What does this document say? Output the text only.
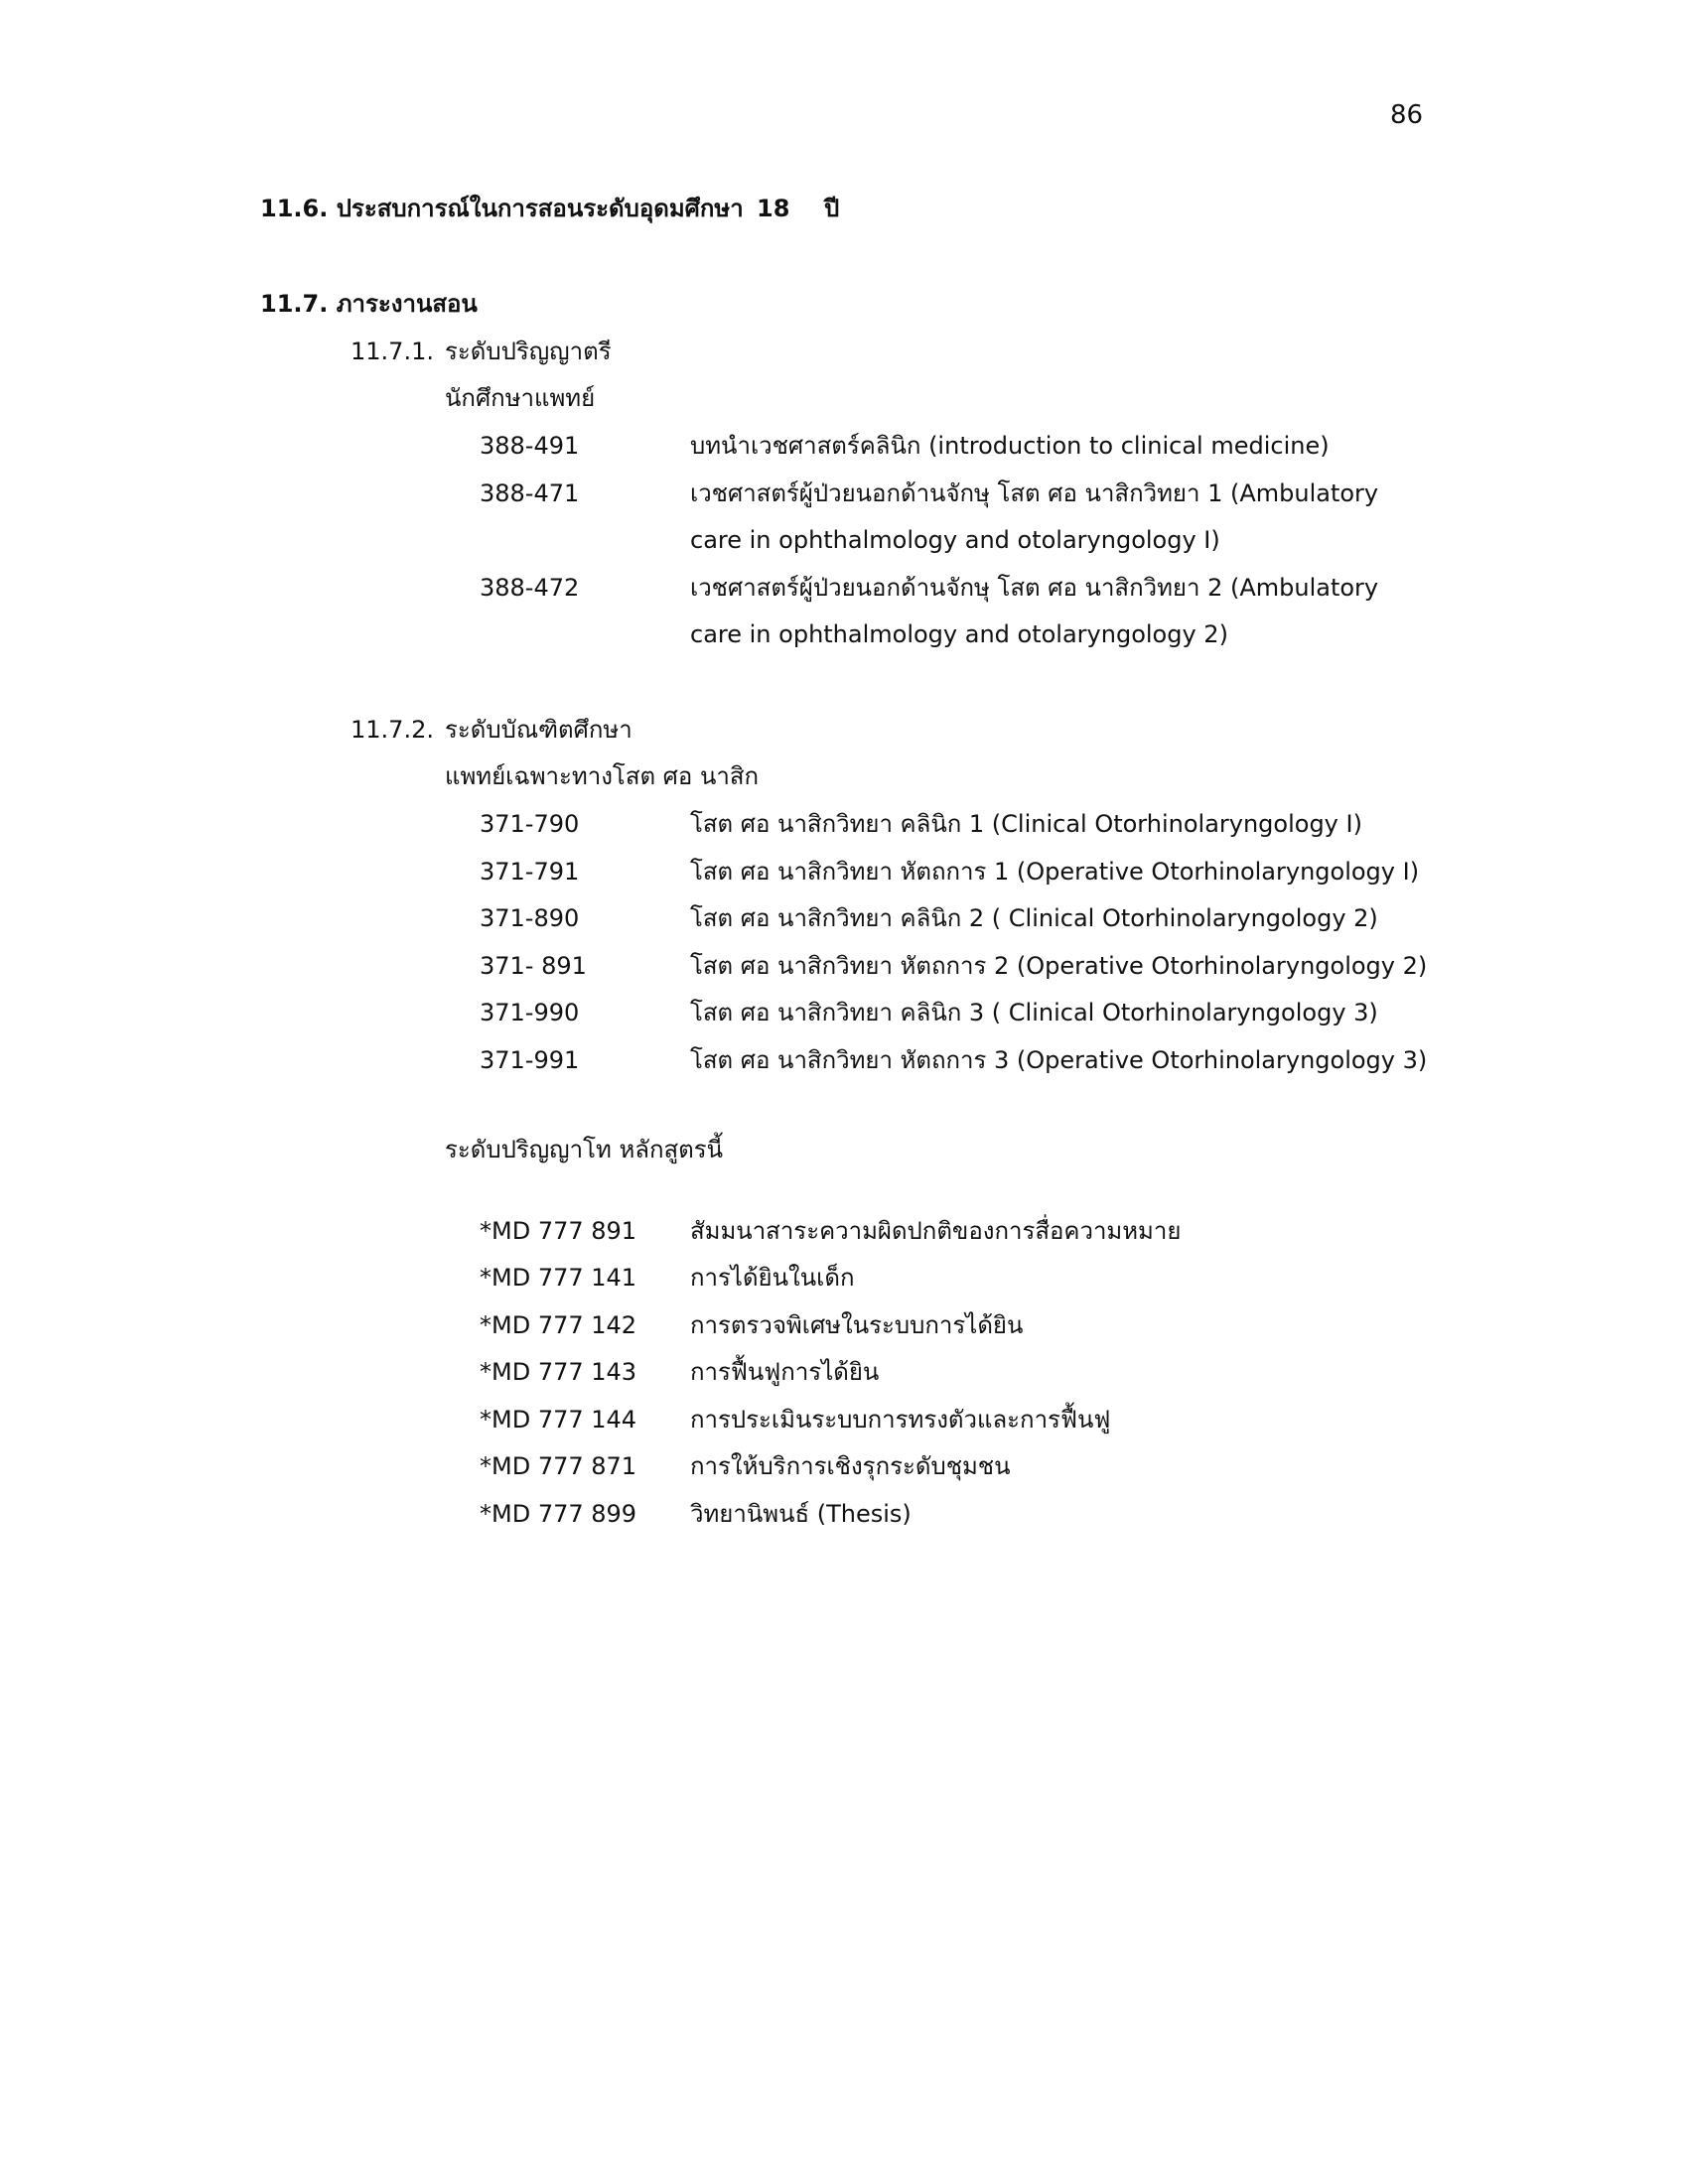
86
11.6. ประสบการณ์ในการสอนระดับอุดมศึกษา 18 ปี
11.7. ภาระงานสอน
11.7.1. ระดับปริญญาตรี
นักศึกษาแพทย์
388-491	บทนำเวชศาสตร์คลินิก (introduction to clinical medicine)
388-471	เวชศาสตร์ผู้ป่วยนอกด้านจักษุ โสต ศอ นาสิกวิทยา 1 (Ambulatory
care in ophthalmology and otolaryngology I)
388-472	เวชศาสตร์ผู้ป่วยนอกด้านจักษุ โสต ศอ นาสิกวิทยา 2 (Ambulatory
care in ophthalmology and otolaryngology 2)
11.7.2. ระดับบัณฑิตศึกษา
แพทย์เฉพาะทางโสต ศอ นาสิก
371-790	โสต ศอ นาสิกวิทยา คลินิก 1 (Clinical Otorhinolaryngology I)
371-791	โสต ศอ นาสิกวิทยา หัตถการ 1 (Operative Otorhinolaryngology I)
371-890	โสต ศอ นาสิกวิทยา คลินิก 2 ( Clinical Otorhinolaryngology 2)
371- 891	โสต ศอ นาสิกวิทยา หัตถการ 2 (Operative Otorhinolaryngology 2)
371-990	โสต ศอ นาสิกวิทยา คลินิก 3 ( Clinical Otorhinolaryngology 3)
371-991	โสต ศอ นาสิกวิทยา หัตถการ 3 (Operative Otorhinolaryngology 3)
ระดับปริญญาโท หลักสูตรนี้
*MD 777 891 สัมมนาสาระความผิดปกติของการสื่อความหมาย
*MD 777 141 การได้ยินในเด็ก
*MD 777 142 การตรวจพิเศษในระบบการได้ยิน
*MD 777 143 การฟื้นฟูการได้ยิน
*MD 777 144 การประเมินระบบการทรงตัวและการฟื้นฟู
*MD 777 871 การให้บริการเชิงรุกระดับชุมชน
*MD 777 899 วิทยานิพนธ์ (Thesis)
